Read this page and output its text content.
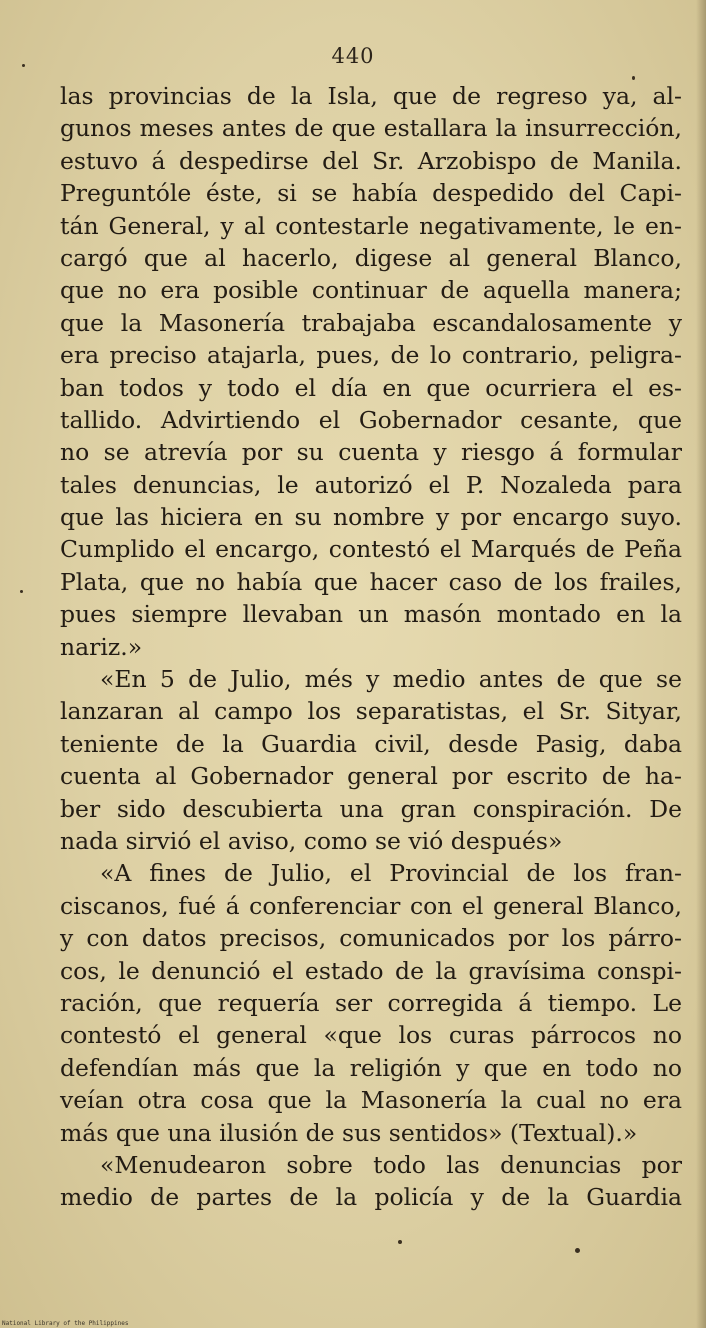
440
las provincias de la Isla, que de regreso ya, al-
gunos meses antes de que estallara la insurrección,
estuvo á despedirse del Sr. Arzobispo de Manila.
Preguntóle éste, si se había despedido del Capi-
tán General, y al contestarle negativamente, le en-
cargó que al hacerlo, digese al general Blanco,
que no era posible continuar de aquella manera;
que la Masonería trabajaba escandalosamente y
era preciso atajarla, pues, de lo contrario, peligra-
ban todos y todo el día en que ocurriera el es-
tallido. Advirtiendo el Gobernador cesante, que
no se atrevía por su cuenta y riesgo á formular
tales denuncias, le autorizó el P. Nozaleda para
que las hiciera en su nombre y por encargo suyo.
Cumplido el encargo, contestó el Marqués de Peña
Plata, que no había que hacer caso de los frailes,
pues siempre llevaban un masón montado en la
nariz.»
«En 5 de Julio, més y medio antes de que se
lanzaran al campo los separatistas, el Sr. Sityar,
teniente de la Guardia civil, desde Pasig, daba
cuenta al Gobernador general por escrito de ha-
ber sido descubierta una gran conspiración. De
nada sirvió el aviso, como se vió después»
«A fines de Julio, el Provincial de los fran-
ciscanos, fué á conferenciar con el general Blanco,
y con datos precisos, comunicados por los párro-
cos, le denunció el estado de la gravísima conspi-
ración, que requería ser corregida á tiempo. Le
contestó el general «que los curas párrocos no
defendían más que la religión y que en todo no
veían otra cosa que la Masonería la cual no era
más que una ilusión de sus sentidos» (Textual).»
«Menudearon sobre todo las denuncias por
medio de partes de la policía y de la Guardia
National Library of the Philippines
